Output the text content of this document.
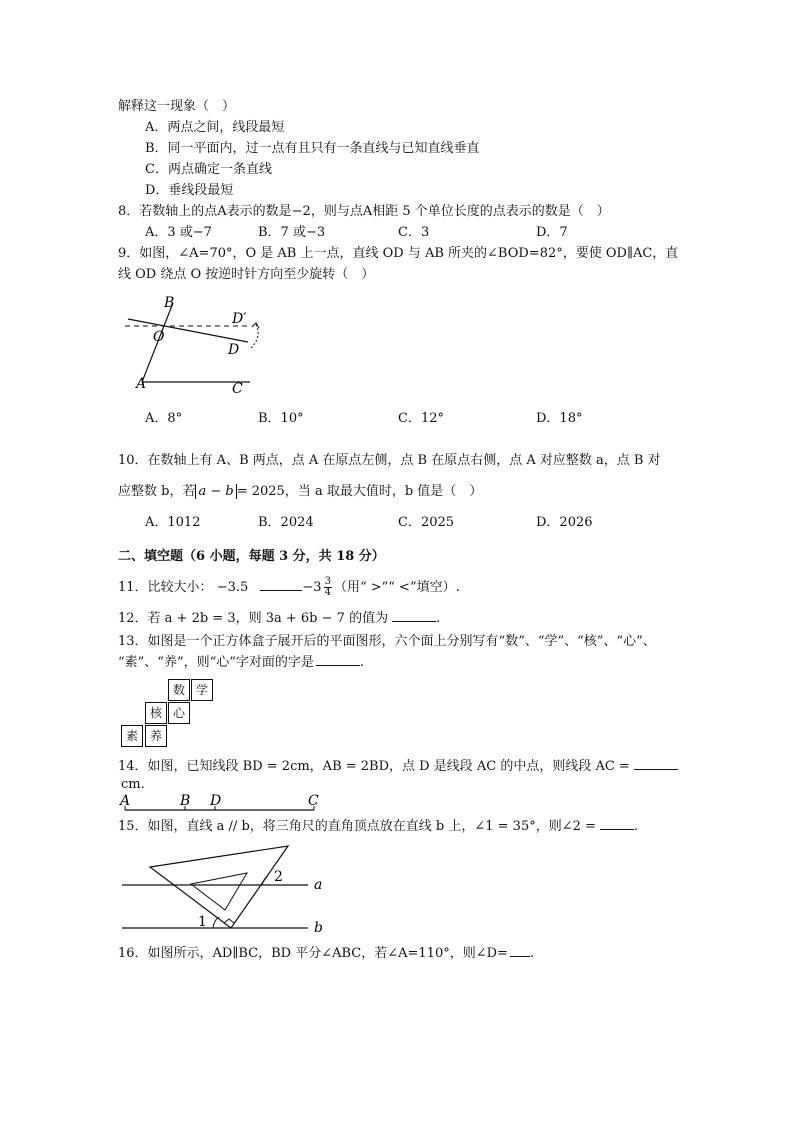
解释这一现象（　）
A．两点之间，线段最短
B．同一平面内，过一点有且只有一条直线与已知直线垂直
C．两点确定一条直线
D．垂线段最短
8．若数轴上的点A表示的数是−2，则与点A相距 5 个单位长度的点表示的数是（　）
A．3 或−7	B．7 或−3	C．3	D．7
9．如图，∠A=70°，O 是 AB 上一点，直线 OD 与 AB 所夹的∠BOD=82°，要使 OD∥AC，直
线 OD 绕点 O 按逆时针方向至少旋转（　）
B
D′
O
D
A	C
A．8°	B．10°	C．12°	D．18°
10．在数轴上有 A、B 两点，点 A 在原点左侧，点 B 在原点右侧，点 A 对应整数 a，点 B 对
应整数 b，若 a − b = 2025，当 a 取最大值时，b 值是（　）
A．1012	B．2024	C．2025	D．2026
二、填空题（6 小题，每题 3 分，共 18 分）
11．比较大小： −3.5	$-3 \frac{3}{4}$ （用“ >”“ <”填空）.
12．若 a + 2b = 3，则 3a + 6b − 7 的值为	.
13．如图是一个正方体盒子展开后的平面图形，六个面上分别写有“数”、“学”、“核”、“心”、
“素”、“养”，则“心”字对面的字是	.
数 学
核 心
素 养
14．如图，已知线段 BD = 2cm，AB = 2BD，点 D 是线段 AC 的中点，则线段 AC =
cm.
A	B D	C
15．如图，直线 a // b，将三角尺的直角顶点放在直线 b 上，∠1 = 35°，则∠2 =	.
2 a
1	b
16．如图所示，AD∥BC，BD 平分∠ABC，若∠A=110°，则∠D= .
